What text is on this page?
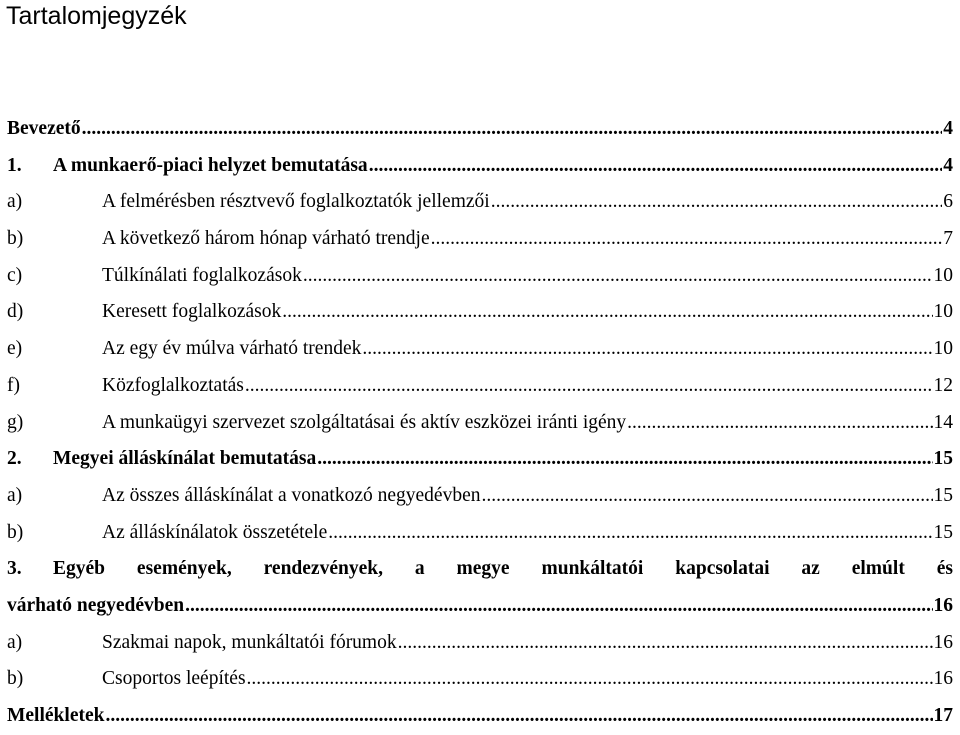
Tartalomjegyzék
Bevezető .....	4
1.	A munkaerő-piaci helyzet bemutatása .....	4
a)	A felmérésben résztvevő foglalkoztatók jellemzői .....	6
b)	A következő három hónap várható trendje .....	7
c)	Túlkínálati foglalkozások .....	10
d)	Keresett foglalkozások .....	10
e)	Az egy év múlva várható trendek .....	10
f)	Közfoglalkoztatás .....	12
g)	A munkaügyi szervezet szolgáltatásai és aktív eszközei iránti igény .....	14
2.	Megyei álláskínálat bemutatása .....	15
a)	Az összes álláskínálat a vonatkozó negyedévben .....	15
b)	Az álláskínálatok összetétele .....	15
3.	Egyéb események, rendezvények, a megye munkáltatói kapcsolatai az elmúlt és
várható negyedévben .....	16
a)	Szakmai napok, munkáltatói fórumok .....	16
b)	Csoportos leépítés .....	16
Mellékletek .....	17
